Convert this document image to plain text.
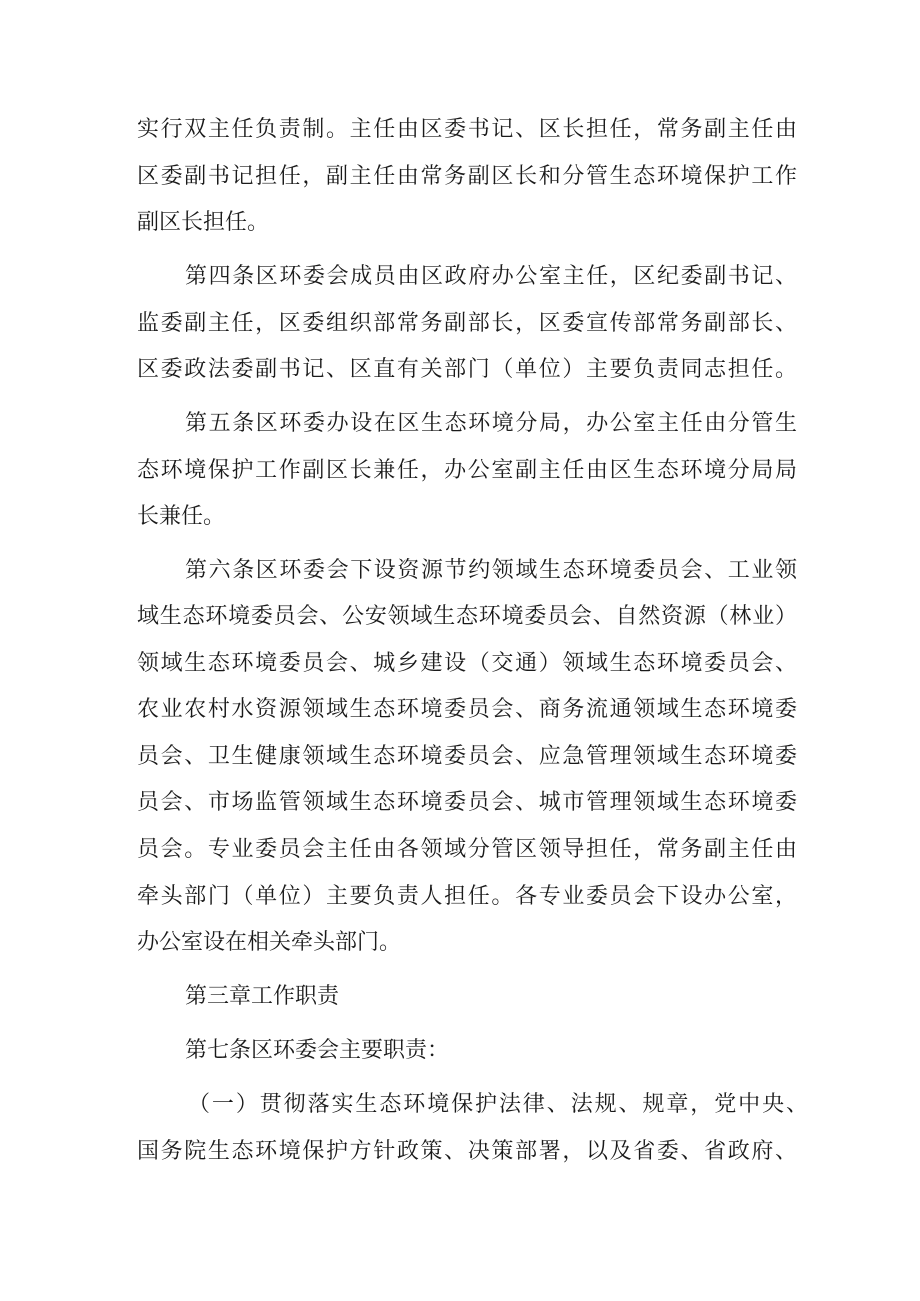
实行双主任负责制。主任由区委书记、区长担任，常务副主任由
区委副书记担任，副主任由常务副区长和分管生态环境保护工作
副区长担任。
第四条区环委会成员由区政府办公室主任，区纪委副书记、
监委副主任，区委组织部常务副部长，区委宣传部常务副部长、
区委政法委副书记、区直有关部门（单位）主要负责同志担任。
第五条区环委办设在区生态环境分局，办公室主任由分管生
态环境保护工作副区长兼任，办公室副主任由区生态环境分局局
长兼任。
第六条区环委会下设资源节约领域生态环境委员会、工业领
域生态环境委员会、公安领域生态环境委员会、自然资源（林业）
领域生态环境委员会、城乡建设（交通）领域生态环境委员会、
农业农村水资源领域生态环境委员会、商务流通领域生态环境委
员会、卫生健康领域生态环境委员会、应急管理领域生态环境委
员会、市场监管领域生态环境委员会、城市管理领域生态环境委
员会。专业委员会主任由各领域分管区领导担任，常务副主任由
牵头部门（单位）主要负责人担任。各专业委员会下设办公室，
办公室设在相关牵头部门。
第三章工作职责
第七条区环委会主要职责：
（一）贯彻落实生态环境保护法律、法规、规章，党中央、
国务院生态环境保护方针政策、决策部署，以及省委、省政府、
